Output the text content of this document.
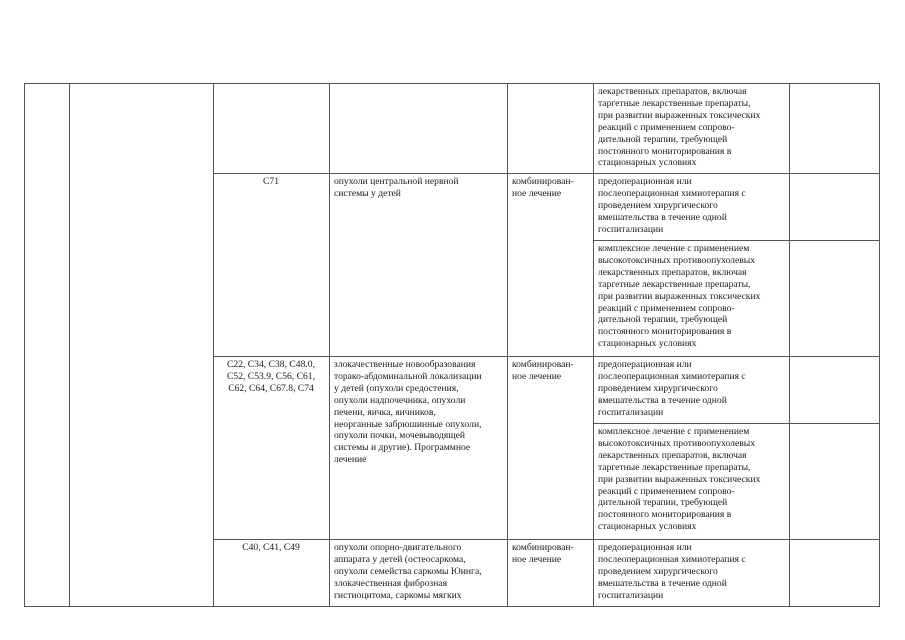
лекарственных препаратов, включая
таргетные лекарственные препараты,
при развитии выраженных токсических
реакций с применением сопрово-
дительной терапии, требующей
постоянного мониторирования в
стационарных условиях
C71	опухоли центральной нервной
системы у детей
комбинирован-
ное лечение
предоперационная или
послеоперационная химиотерапия с
проведением хирургического
вмешательства в течение одной
госпитализации
комплексное лечение с применением
высокотоксичных противоопухолевых
лекарственных препаратов, включая
таргетные лекарственные препараты,
при развитии выраженных токсических
реакций с применением сопрово-
дительной терапии, требующей
постоянного мониторирования в
стационарных условиях
C22, C34, C38, C48.0,
C52, C53.9, C56, C61,
C62, C64, C67.8, C74
злокачественные новообразования
торако-абдоминальной локализации
у детей (опухоли средостения,
опухоли надпочечника, опухоли
печени, яичка, яичников,
неорганные забрюшинные опухоли,
опухоли почки, мочевыводящей
системы и другие). Программное
лечение
комбинирован-
ное лечение
предоперационная или
послеоперационная химиотерапия с
проведением хирургического
вмешательства в течение одной
госпитализации
комплексное лечение с применением
высокотоксичных противоопухолевых
лекарственных препаратов, включая
таргетные лекарственные препараты,
при развитии выраженных токсических
реакций с применением сопрово-
дительной терапии, требующей
постоянного мониторирования в
стационарных условиях
C40, C41, C49	опухоли опорно-двигательного
аппарата у детей (остеосаркома,
опухоли семейства саркомы Юинга,
злокачественная фиброзная
гистиоцитома, саркомы мягких
комбинирован-
ное лечение
предоперационная или
послеоперационная химиотерапия с
проведением хирургического
вмешательства в течение одной
госпитализации
